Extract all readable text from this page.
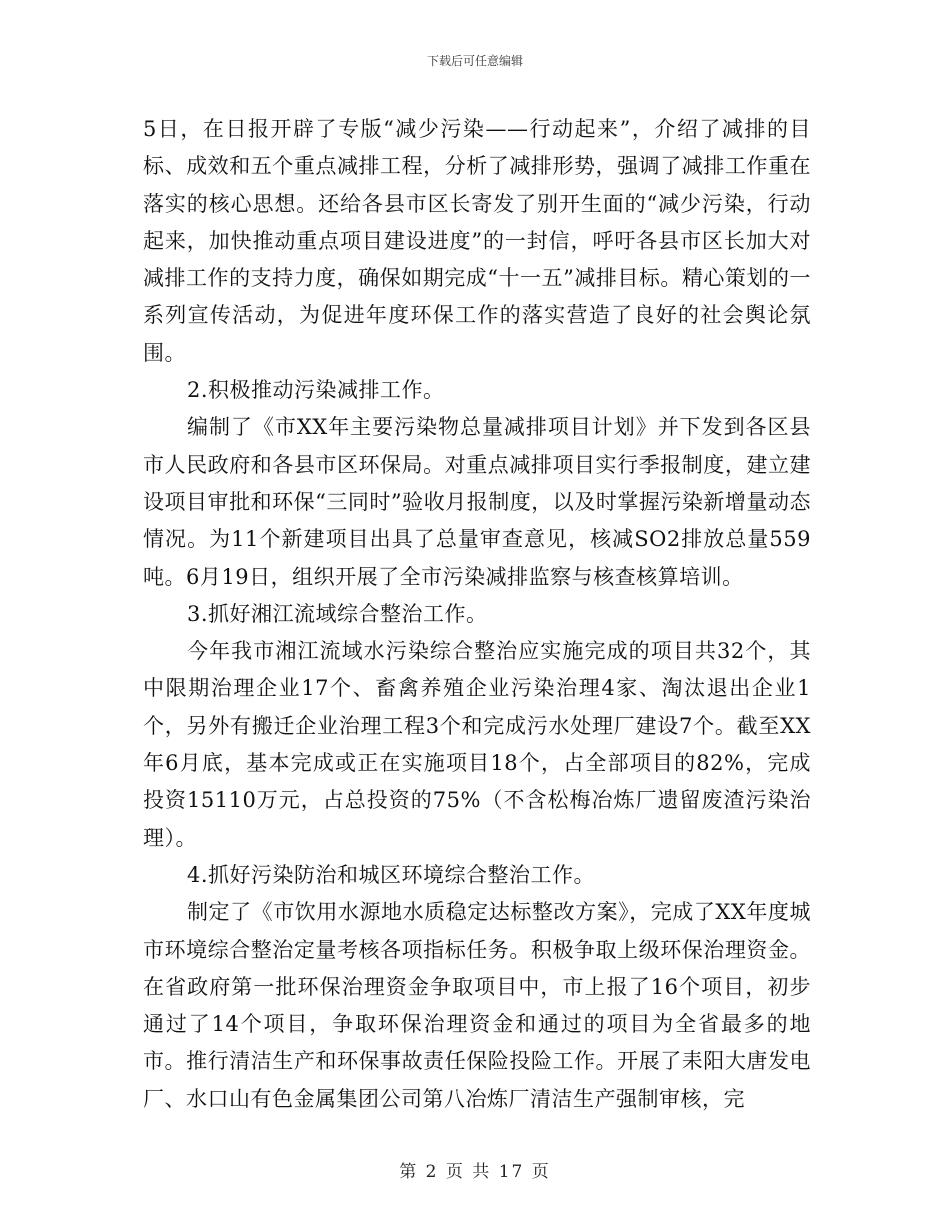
下载后可任意编辑

5日，在日报开辟了专版“减少污染——行动起来”，介绍了减排的目标、成效和五个重点减排工程，分析了减排形势，强调了减排工作重在落实的核心思想。还给各县市区长寄发了别开生面的“减少污染，行动起来，加快推动重点项目建设进度”的一封信，呼吁各县市区长加大对减排工作的支持力度，确保如期完成“十一五”减排目标。精心策划的一系列宣传活动，为促进年度环保工作的落实营造了良好的社会舆论氛围。

2.积极推动污染减排工作。

编制了《市XX年主要污染物总量减排项目计划》并下发到各区县市人民政府和各县市区环保局。对重点减排项目实行季报制度，建立建设项目审批和环保“三同时”验收月报制度，以及时掌握污染新增量动态情况。为11个新建项目出具了总量审查意见，核减SO2排放总量559吨。6月19日，组织开展了全市污染减排监察与核查核算培训。

3.抓好湘江流域综合整治工作。

今年我市湘江流域水污染综合整治应实施完成的项目共32个，其中限期治理企业17个、畜禽养殖企业污染治理4家、淘汰退出企业1个，另外有搬迁企业治理工程3个和完成污水处理厂建设7个。截至XX年6月底，基本完成或正在实施项目18个，占全部项目的82%，完成投资15110万元，占总投资的75%（不含松梅冶炼厂遗留废渣污染治理）。

4.抓好污染防治和城区环境综合整治工作。

制定了《市饮用水源地水质稳定达标整改方案》，完成了XX年度城市环境综合整治定量考核各项指标任务。积极争取上级环保治理资金。在省政府第一批环保治理资金争取项目中，市上报了16个项目，初步通过了14个项目，争取环保治理资金和通过的项目为全省最多的地市。推行清洁生产和环保事故责任保险投险工作。开展了耒阳大唐发电厂、水口山有色金属集团公司第八冶炼厂清洁生产强制审核，完

第 2 页 共 17 页
